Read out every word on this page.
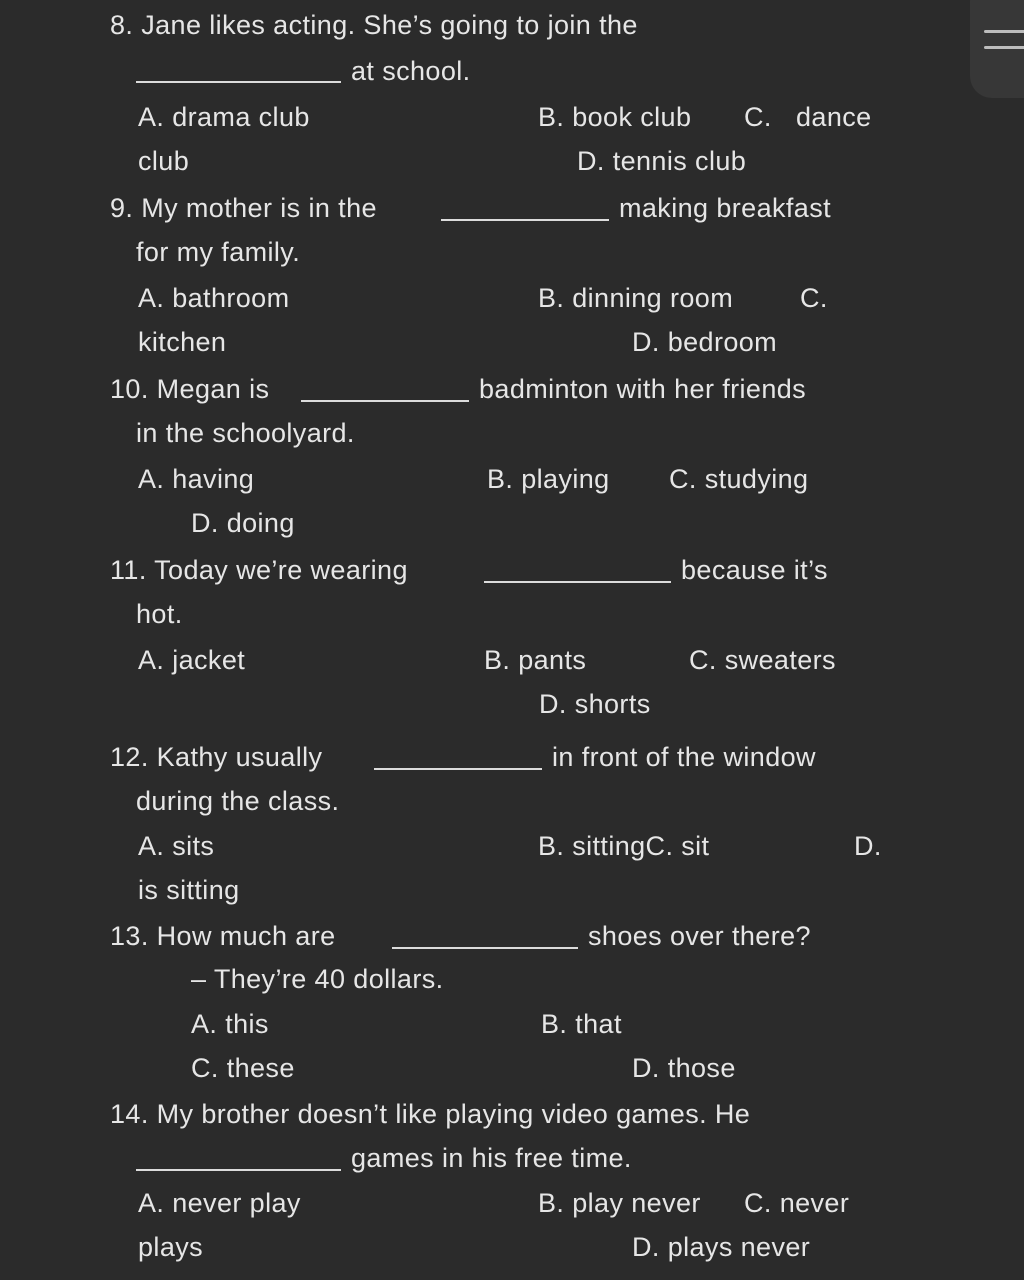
8. Jane likes acting. She’s going to join the
at school.
A. drama club	B. book club C. dance
club	D. tennis club
9. My mother is in the	making breakfast
for my family.
A. bathroom	B. dinning room C.
kitchen	D. bedroom
10. Megan is	badminton with her friends
in the schoolyard.
A. having	B. playing C. studying
D. doing
11. Today we’re wearing	because it’s
hot.
A. jacket	B. pants	C. sweaters
D. shorts
12. Kathy usually	in front of the window
during the class.
A. sits	B. sittingC. sit	D.
is sitting
13. How much are	shoes over there?
– They’re 40 dollars.
A. this	B. that
C. these	D. those
14. My brother doesn’t like playing video games. He
games in his free time.
A. never play	B. play never C. never
plays	D. plays never
